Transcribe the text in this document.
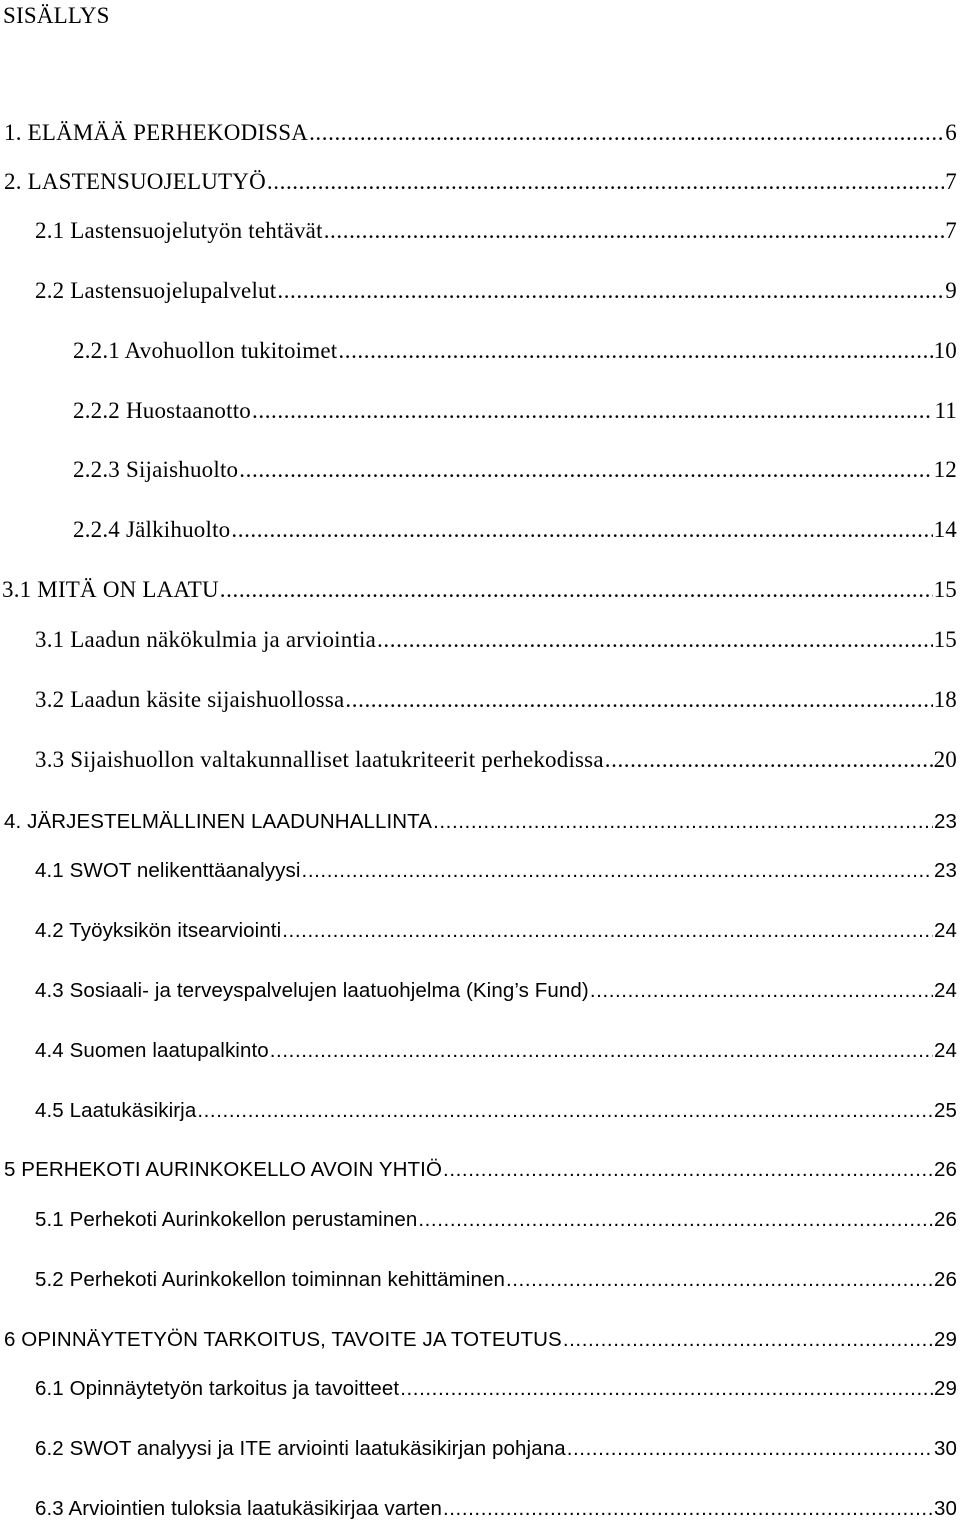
SISÄLLYS
1. ELÄMÄÄ PERHEKODISSA .....	6
2. LASTENSUOJELUTYÖ .....	7
2.1 Lastensuojelutyön tehtävät .....	7
2.2 Lastensuojelupalvelut .....	9
2.2.1 Avohuollon tukitoimet .....	10
2.2.2 Huostaanotto .....	11
2.2.3 Sijaishuolto .....	12
2.2.4 Jälkihuolto .....	14
3.1 MITÄ ON LAATU .....	15
3.1 Laadun näkökulmia ja arviointia .....	15
3.2 Laadun käsite sijaishuollossa .....	18
3.3 Sijaishuollon valtakunnalliset laatukriteerit perhekodissa .....	20
4. JÄRJESTELMÄLLINEN LAADUNHALLINTA .....	23
4.1 SWOT nelikenttäanalyysi .....	23
4.2 Työyksikön itsearviointi .....	24
4.3 Sosiaali- ja terveyspalvelujen laatuohjelma (King’s Fund) .....	24
4.4 Suomen laatupalkinto .....	24
4.5 Laatukäsikirja .....	25
5 PERHEKOTI AURINKOKELLO AVOIN YHTIÖ .....	26
5.1 Perhekoti Aurinkokellon perustaminen .....	26
5.2 Perhekoti Aurinkokellon toiminnan kehittäminen .....	26
6 OPINNÄYTETYÖN TARKOITUS, TAVOITE JA TOTEUTUS .....	29
6.1 Opinnäytetyön tarkoitus ja tavoitteet .....	29
6.2 SWOT analyysi ja ITE arviointi laatukäsikirjan pohjana .....	30
6.3 Arviointien tuloksia laatukäsikirjaa varten .....	30
